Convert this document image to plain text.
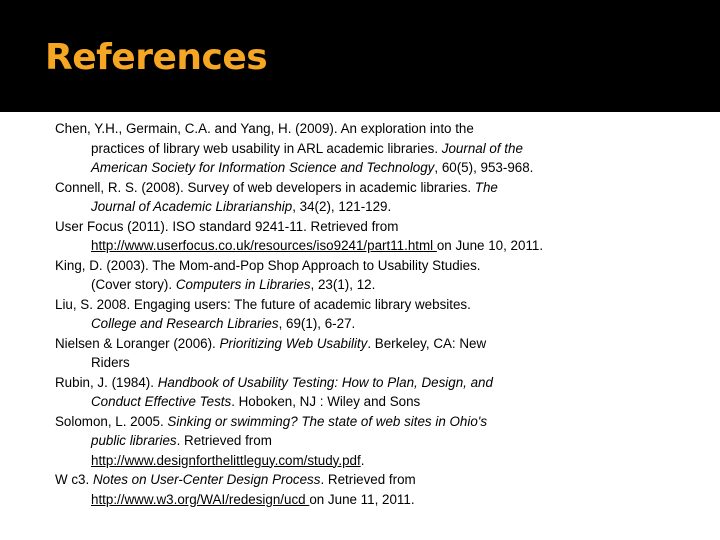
References
Chen, Y.H., Germain, C.A. and Yang, H. (2009). An exploration into the
practices of library web usability in ARL academic libraries. Journal of the
American Society for Information Science and Technology, 60(5), 953-968.
Connell, R. S. (2008). Survey of web developers in academic libraries. The
Journal of Academic Librarianship, 34(2), 121-129.
User Focus (2011). ISO standard 9241-11. Retrieved from
http://www.userfocus.co.uk/resources/iso9241/part11.html on June 10, 2011.
King, D. (2003). The Mom-and-Pop Shop Approach to Usability Studies.
(Cover story). Computers in Libraries, 23(1), 12.
Liu, S. 2008. Engaging users: The future of academic library websites.
College and Research Libraries, 69(1), 6-27.
Nielsen & Loranger (2006). Prioritizing Web Usability. Berkeley, CA: New
Riders
Rubin, J. (1984). Handbook of Usability Testing: How to Plan, Design, and
Conduct Effective Tests. Hoboken, NJ : Wiley and Sons
Solomon, L. 2005. Sinking or swimming? The state of web sites in Ohio's
public libraries. Retrieved from
http://www.designforthelittleguy.com/study.pdf.
W c3. Notes on User-Center Design Process. Retrieved from
http://www.w3.org/WAI/redesign/ucd on June 11, 2011.
